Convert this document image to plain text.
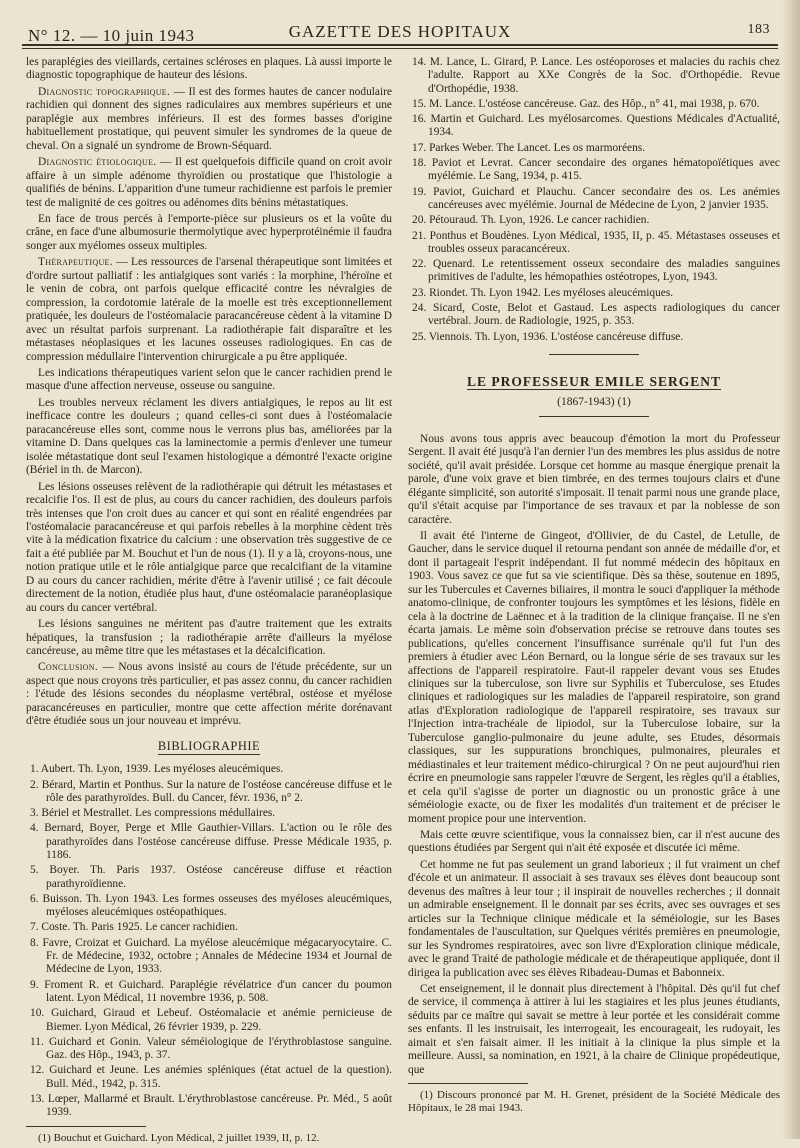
N° 12. — 10 juin 1943	GAZETTE DES HOPITAUX	183

les paraplégies des vieillards, certaines scléroses en plaques. Là aussi importe le diagnostic topographique de hauteur des lésions.

Diagnostic topographique. — Il est des formes hautes de cancer nodulaire rachidien qui donnent des signes radiculaires aux membres supérieurs et une paraplégie aux membres inférieurs. Il est des formes basses d'origine habituellement prostatique, qui peuvent simuler les syndromes de la queue de cheval. On a signalé un syndrome de Brown-Séquard.

Diagnostic étiologique. — Il est quelquefois difficile quand on croit avoir affaire à un simple adénome thyroïdien ou prostatique que l'histologie a qualifiés de bénins. L'apparition d'une tumeur rachidienne est parfois le premier test de malignité de ces goitres ou adénomes dits bénins métastatiques.

En face de trous percés à l'emporte-pièce sur plusieurs os et la voûte du crâne, en face d'une albumosurie thermolytique avec hyperprotéinémie il faudra songer aux myélomes osseux multiples.

Thérapeutique. — Les ressources de l'arsenal thérapeutique sont limitées et d'ordre surtout palliatif : les antialgiques sont variés : la morphine, l'héroïne et le venin de cobra, ont parfois quelque efficacité contre les névralgies de compression, la cordotomie latérale de la moelle est très exceptionnellement pratiquée, les douleurs de l'ostéomalacie paracancéreuse cèdent à la vitamine D avec un résultat parfois surprenant. La radiothérapie fait disparaître et les métastases néoplasiques et les lacunes osseuses radiologiques. En cas de compression médullaire l'intervention chirurgicale a pu être appliquée.

Les indications thérapeutiques varient selon que le cancer rachidien prend le masque d'une affection nerveuse, osseuse ou sanguine.

Les troubles nerveux réclament les divers antialgiques, le repos au lit est inefficace contre les douleurs ; quand celles-ci sont dues à l'ostéomalacie paracancéreuse elles sont, comme nous le verrons plus bas, améliorées par la vitamine D. Dans quelques cas la laminectomie a permis d'enlever une tumeur isolée métastatique dont seul l'examen histologique a démontré l'exacte origine (Bériel in th. de Marcon).

Les lésions osseuses relèvent de la radiothérapie qui détruit les métastases et recalcifie l'os. Il est de plus, au cours du cancer rachidien, des douleurs parfois très intenses que l'on croit dues au cancer et qui sont en réalité engendrées par l'ostéomalacie paracancéreuse et qui parfois rebelles à la morphine cèdent très vite à la médication fixatrice du calcium : une observation très suggestive de ce fait a été publiée par M. Bouchut et l'un de nous (1). Il y a là, croyons-nous, une notion pratique utile et le rôle antialgique parce que recalcifiant de la vitamine D au cours du cancer rachidien, mérite d'être à l'avenir utilisé ; ce fait découle directement de la notion, étudiée plus haut, d'une ostéomalacie paranéoplasique au cours du cancer vertébral.

Les lésions sanguines ne méritent pas d'autre traitement que les extraits hépatiques, la transfusion ; la radiothérapie arrête d'ailleurs la myélose cancéreuse, au même titre que les métastases et la décalcification.

Conclusion. — Nous avons insisté au cours de l'étude précédente, sur un aspect que nous croyons très particulier, et pas assez connu, du cancer rachidien : l'étude des lésions secondes du néoplasme vertébral, ostéose et myélose paracancéreuses en particulier, montre que cette affection mérite dorénavant d'être étudiée sous un jour nouveau et imprévu.

BIBLIOGRAPHIE
1. Aubert. Th. Lyon, 1939. Les myéloses aleucémiques.
2. Bérard, Martin et Ponthus. Sur la nature de l'ostéose cancéreuse diffuse et le rôle des parathyroïdes. Bull. du Cancer, févr. 1936, n° 2.
3. Bériel et Mestrallet. Les compressions médullaires.
4. Bernard, Boyer, Perge et Mlle Gauthier-Villars. L'action ou le rôle des parathyroïdes dans l'ostéose cancéreuse diffuse. Presse Médicale 1935, p. 1186.
5. Boyer. Th. Paris 1937. Ostéose cancéreuse diffuse et réaction parathyroïdienne.
6. Buisson. Th. Lyon 1943. Les formes osseuses des myéloses aleucémiques, myéloses aleucémiques ostéopathiques.
7. Coste. Th. Paris 1925. Le cancer rachidien.
8. Favre, Croizat et Guichard. La myélose aleucémique mégacaryocytaire. C. Fr. de Médecine, 1932, octobre ; Annales de Médecine 1934 et Journal de Médecine de Lyon, 1933.
9. Froment R. et Guichard. Paraplégie révélatrice d'un cancer du poumon latent. Lyon Médical, 11 novembre 1936, p. 508.
10. Guichard, Giraud et Lebeuf. Ostéomalacie et anémie pernicieuse de Biemer. Lyon Médical, 26 février 1939, p. 229.
11. Guichard et Gonin. Valeur séméiologique de l'érythroblastose sanguine. Gaz. des Hôp., 1943, p. 37.
12. Guichard et Jeune. Les anémies spléniques (état actuel de la question). Bull. Méd., 1942, p. 315.
13. Lœper, Mallarmé et Brault. L'érythroblastose cancéreuse. Pr. Méd., 5 août 1939.

(1) Bouchut et Guichard. Lyon Médical, 2 juillet 1939, II, p. 12.

14. M. Lance, L. Girard, P. Lance. Les ostéoporoses et malacies du rachis chez l'adulte. Rapport au XXe Congrès de la Soc. d'Orthopédie. Revue d'Orthopédie, 1938.
15. M. Lance. L'ostéose cancéreuse. Gaz. des Hôp., n° 41, mai 1938, p. 670.
16. Martin et Guichard. Les myélosarcomes. Questions Médicales d'Actualité, 1934.
17. Parkes Weber. The Lancet. Les os marmoréens.
18. Paviot et Levrat. Cancer secondaire des organes hématopoïétiques avec myélémie. Le Sang, 1934, p. 415.
19. Paviot, Guichard et Plauchu. Cancer secondaire des os. Les anémies cancéreuses avec myélémie. Journal de Médecine de Lyon, 2 janvier 1935.
20. Pétouraud. Th. Lyon, 1926. Le cancer rachidien.
21. Ponthus et Boudènes. Lyon Médical, 1935, II, p. 45. Métastases osseuses et troubles osseux paracancéreux.
22. Quenard. Le retentissement osseux secondaire des maladies sanguines primitives de l'adulte, les hémopathies ostéotropes, Lyon, 1943.
23. Riondet. Th. Lyon 1942. Les myéloses aleucémiques.
24. Sicard, Coste, Belot et Gastaud. Les aspects radiologiques du cancer vertébral. Journ. de Radiologie, 1925, p. 353.
25. Viennois. Th. Lyon, 1936. L'ostéose cancéreuse diffuse.
LE PROFESSEUR EMILE SERGENT
(1867-1943) (1)

Nous avons tous appris avec beaucoup d'émotion la mort du Professeur Sergent. Il avait été jusqu'à l'an dernier l'un des membres les plus assidus de notre société, qu'il avait présidée. Lorsque cet homme au masque énergique prenait la parole, d'une voix grave et bien timbrée, en des termes toujours clairs et d'une élégante simplicité, son autorité s'imposait. Il tenait parmi nous une grande place, qu'il s'était acquise par l'importance de ses travaux et par la noblesse de son caractère.

Il avait été l'interne de Gingeot, d'Ollivier, de du Castel, de Letulle, de Gaucher, dans le service duquel il retourna pendant son année de médaille d'or, et dont il partageait l'esprit indépendant. Il fut nommé médecin des hôpitaux en 1903. Vous savez ce que fut sa vie scientifique. Dès sa thèse, soutenue en 1895, sur les Tubercules et Cavernes biliaires, il montra le souci d'appliquer la méthode anatomo-clinique, de confronter toujours les symptômes et les lésions, fidèle en cela à la doctrine de Laënnec et à la tradition de la clinique française. Il ne s'en écarta jamais. Le même soin d'observation précise se retrouve dans toutes ses publications, qu'elles concernent l'insuffisance surrénale qu'il fut l'un des premiers à étudier avec Léon Bernard, ou la longue série de ses travaux sur les affections de l'appareil respiratoire. Faut-il rappeler devant vous ses Etudes cliniques sur la tuberculose, son livre sur Syphilis et Tuberculose, ses Etudes cliniques et radiologiques sur les maladies de l'appareil respiratoire, son grand atlas d'Exploration radiologique de l'appareil respiratoire, ses travaux sur l'Injection intra-trachéale de lipiodol, sur la Tuberculose lobaire, sur la Tuberculose ganglio-pulmonaire du jeune adulte, ses Etudes, désormais classiques, sur les suppurations bronchiques, pulmonaires, pleurales et médiastinales et leur traitement médico-chirurgical ? On ne peut aujourd'hui rien écrire en pneumologie sans rappeler l'œuvre de Sergent, les règles qu'il a établies, et cela qu'il s'agisse de porter un diagnostic ou un pronostic grâce à une séméiologie exacte, ou de fixer les modalités d'un traitement et de préciser le moment propice pour une intervention.

Mais cette œuvre scientifique, vous la connaissez bien, car il n'est aucune des questions étudiées par Sergent qui n'ait été exposée et discutée ici même.

Cet homme ne fut pas seulement un grand laborieux ; il fut vraiment un chef d'école et un animateur. Il associait à ses travaux ses élèves dont beaucoup sont devenus des maîtres à leur tour ; il inspirait de nouvelles recherches ; il donnait un admirable enseignement. Il le donnait par ses écrits, avec ses ouvrages et ses articles sur la Technique clinique médicale et la séméiologie, sur les Bases fondamentales de l'auscultation, sur Quelques vérités premières en pneumologie, sur les Syndromes respiratoires, avec son livre d'Exploration clinique médicale, avec le grand Traité de pathologie médicale et de thérapeutique appliquée, dont il dirigea la publication avec ses élèves Ribadeau-Dumas et Babonneix.

Cet enseignement, il le donnait plus directement à l'hôpital. Dès qu'il fut chef de service, il commença à attirer à lui les stagiaires et les plus jeunes étudiants, séduits par ce maître qui savait se mettre à leur portée et les considérait comme ses enfants. Il les instruisait, les interrogeait, les encourageait, les rudoyait, les aimait et s'en faisait aimer. Il les initiait à la clinique la plus simple et la meilleure. Aussi, sa nomination, en 1921, à la chaire de Clinique propédeutique, que

(1) Discours prononcé par M. H. Grenet, président de la Société Médicale des Hôpitaux, le 28 mai 1943.
